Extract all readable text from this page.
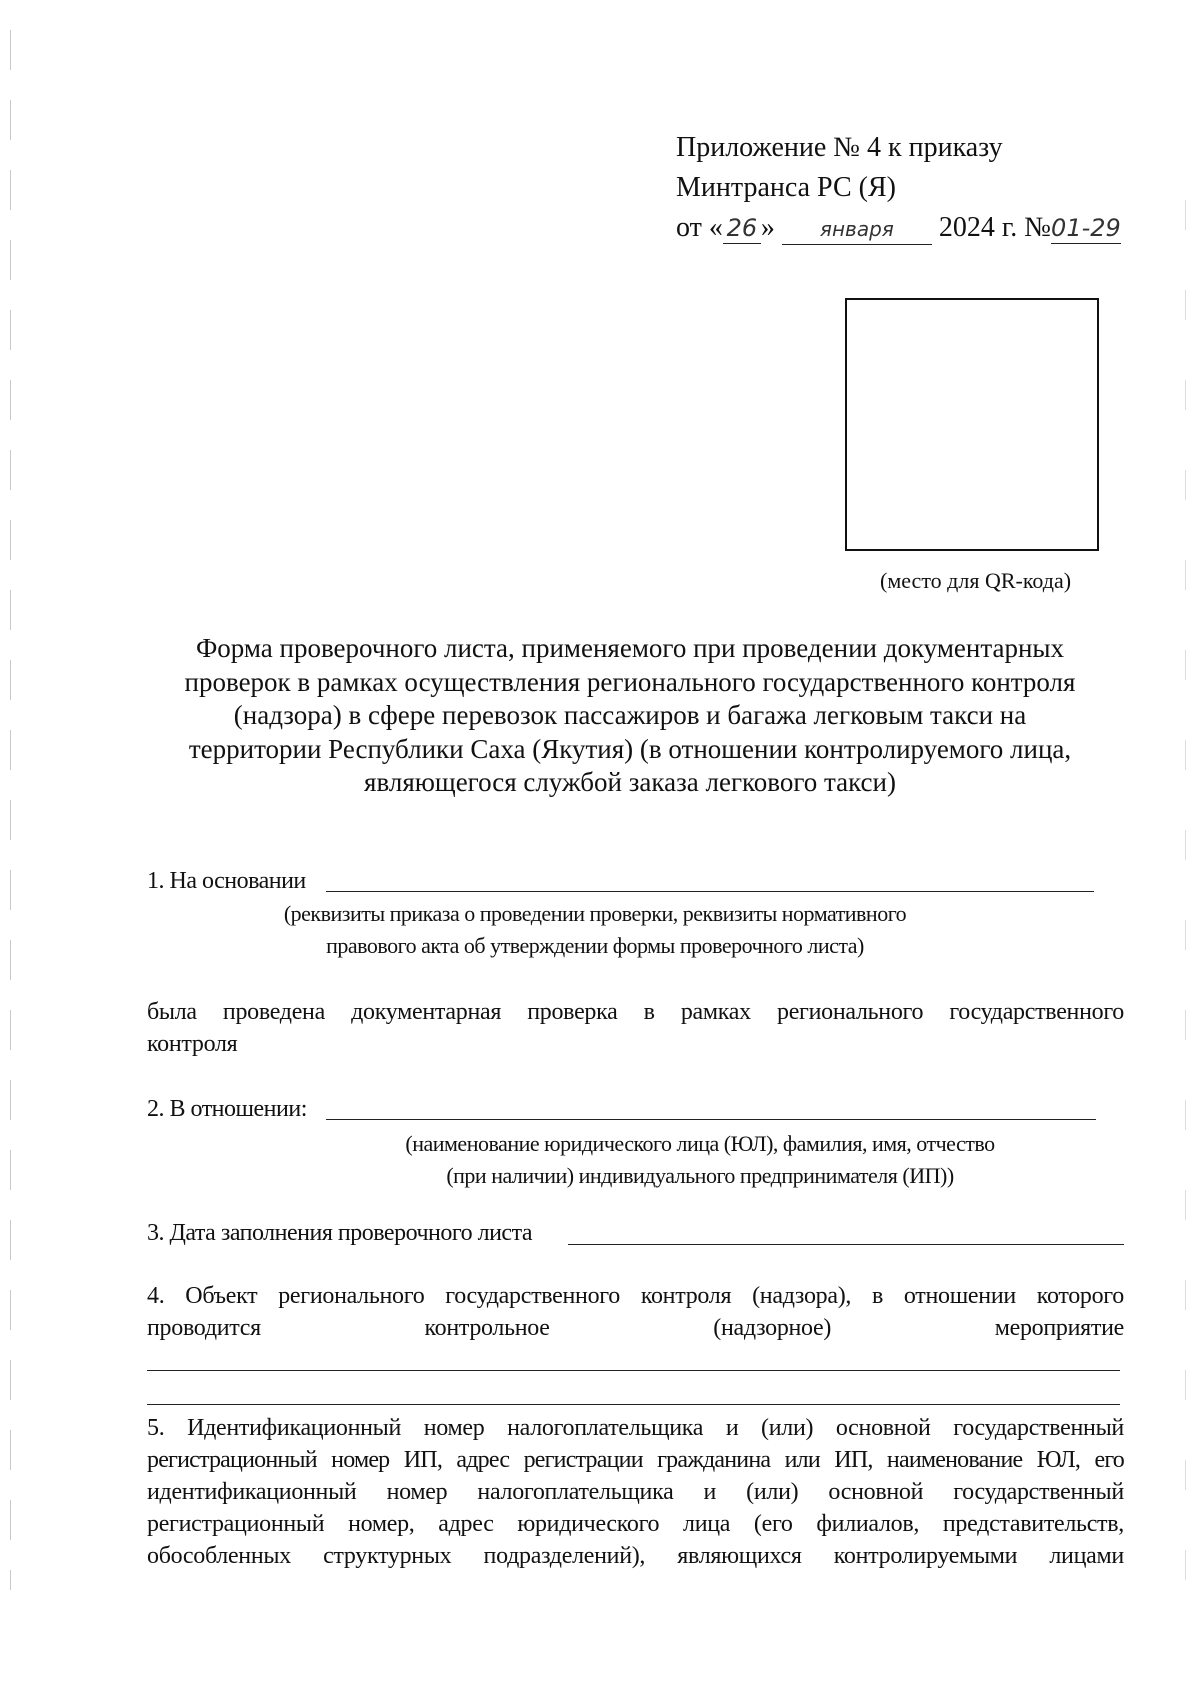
Приложение № 4 к приказу
Минтранса РС (Я)
от « 26 » января 2024 г. №01-29
(место для QR-кода)
Форма проверочного листа, применяемого при проведении документарных
проверок в рамках осуществления регионального государственного контроля
(надзора) в сфере перевозок пассажиров и багажа легковым такси на
территории Республики Саха (Якутия) (в отношении контролируемого лица,
являющегося службой заказа легкового такси)
1. На основании
(реквизиты приказа о проведении проверки, реквизиты нормативного
правового акта об утверждении формы проверочного листа)
была проведена документарная проверка в рамках регионального государственного
контроля
2. В отношении:
(наименование юридического лица (ЮЛ), фамилия, имя, отчество
(при наличии) индивидуального предпринимателя (ИП))
3. Дата заполнения проверочного листа
4. Объект регионального государственного контроля (надзора), в отношении которого
проводится	контрольное	(надзорное)	мероприятие
5. Идентификационный номер налогоплательщика и (или) основной государственный
регистрационный номер ИП, адрес регистрации гражданина или ИП, наименование ЮЛ, его
идентификационный номер налогоплательщика и (или) основной государственный
регистрационный номер, адрес юридического лица (его филиалов, представительств,
обособленных структурных подразделений), являющихся контролируемыми лицами
